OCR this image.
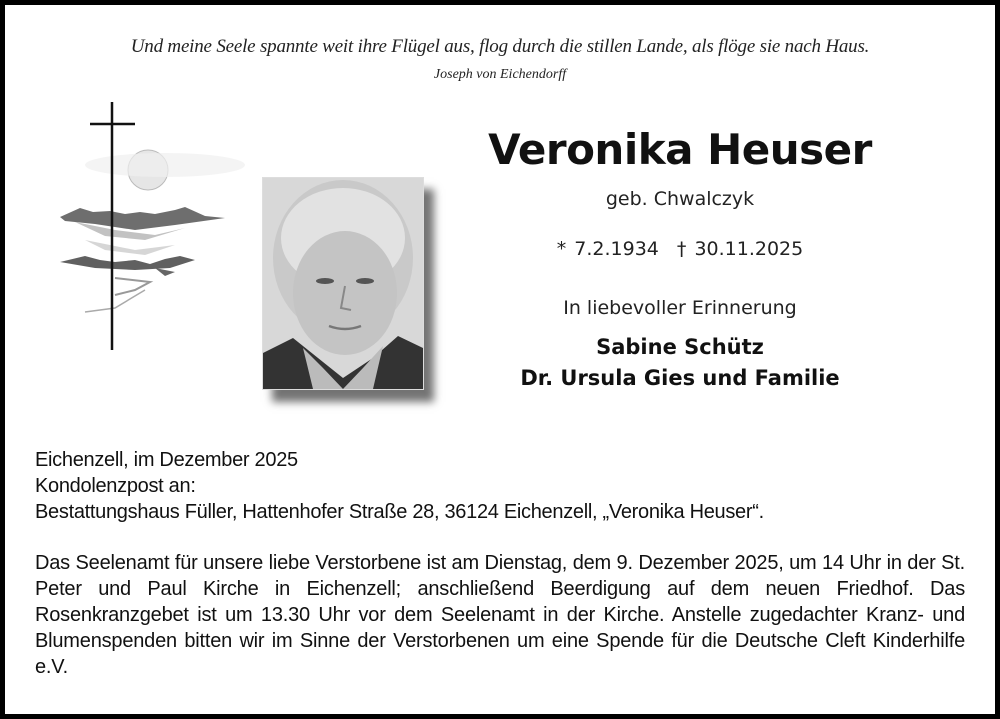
Und meine Seele spannte weit ihre Flügel aus, flog durch die stillen Lande, als flöge sie nach Haus.
Joseph von Eichendorff
Veronika Heuser
geb. Chwalczyk
* 7.2.1934 † 30.11.2025
In liebevoller Erinnerung
Sabine Schütz
Dr. Ursula Gies und Familie
Eichenzell, im Dezember 2025
Kondolenzpost an:
Bestattungshaus Füller, Hattenhofer Straße 28, 36124 Eichenzell, „Veronika Heuser“.
Das Seelenamt für unsere liebe Verstorbene ist am Dienstag, dem 9. Dezember 2025, um 14 Uhr in der St. Peter und Paul Kirche in Eichenzell; anschließend Beerdigung auf dem neuen Friedhof. Das Rosenkranzgebet ist um 13.30 Uhr vor dem Seelenamt in der Kirche. Anstelle zugedachter Kranz- und Blumenspenden bitten wir im Sinne der Verstorbenen um eine Spende für die Deutsche Cleft Kinderhilfe e.V.
